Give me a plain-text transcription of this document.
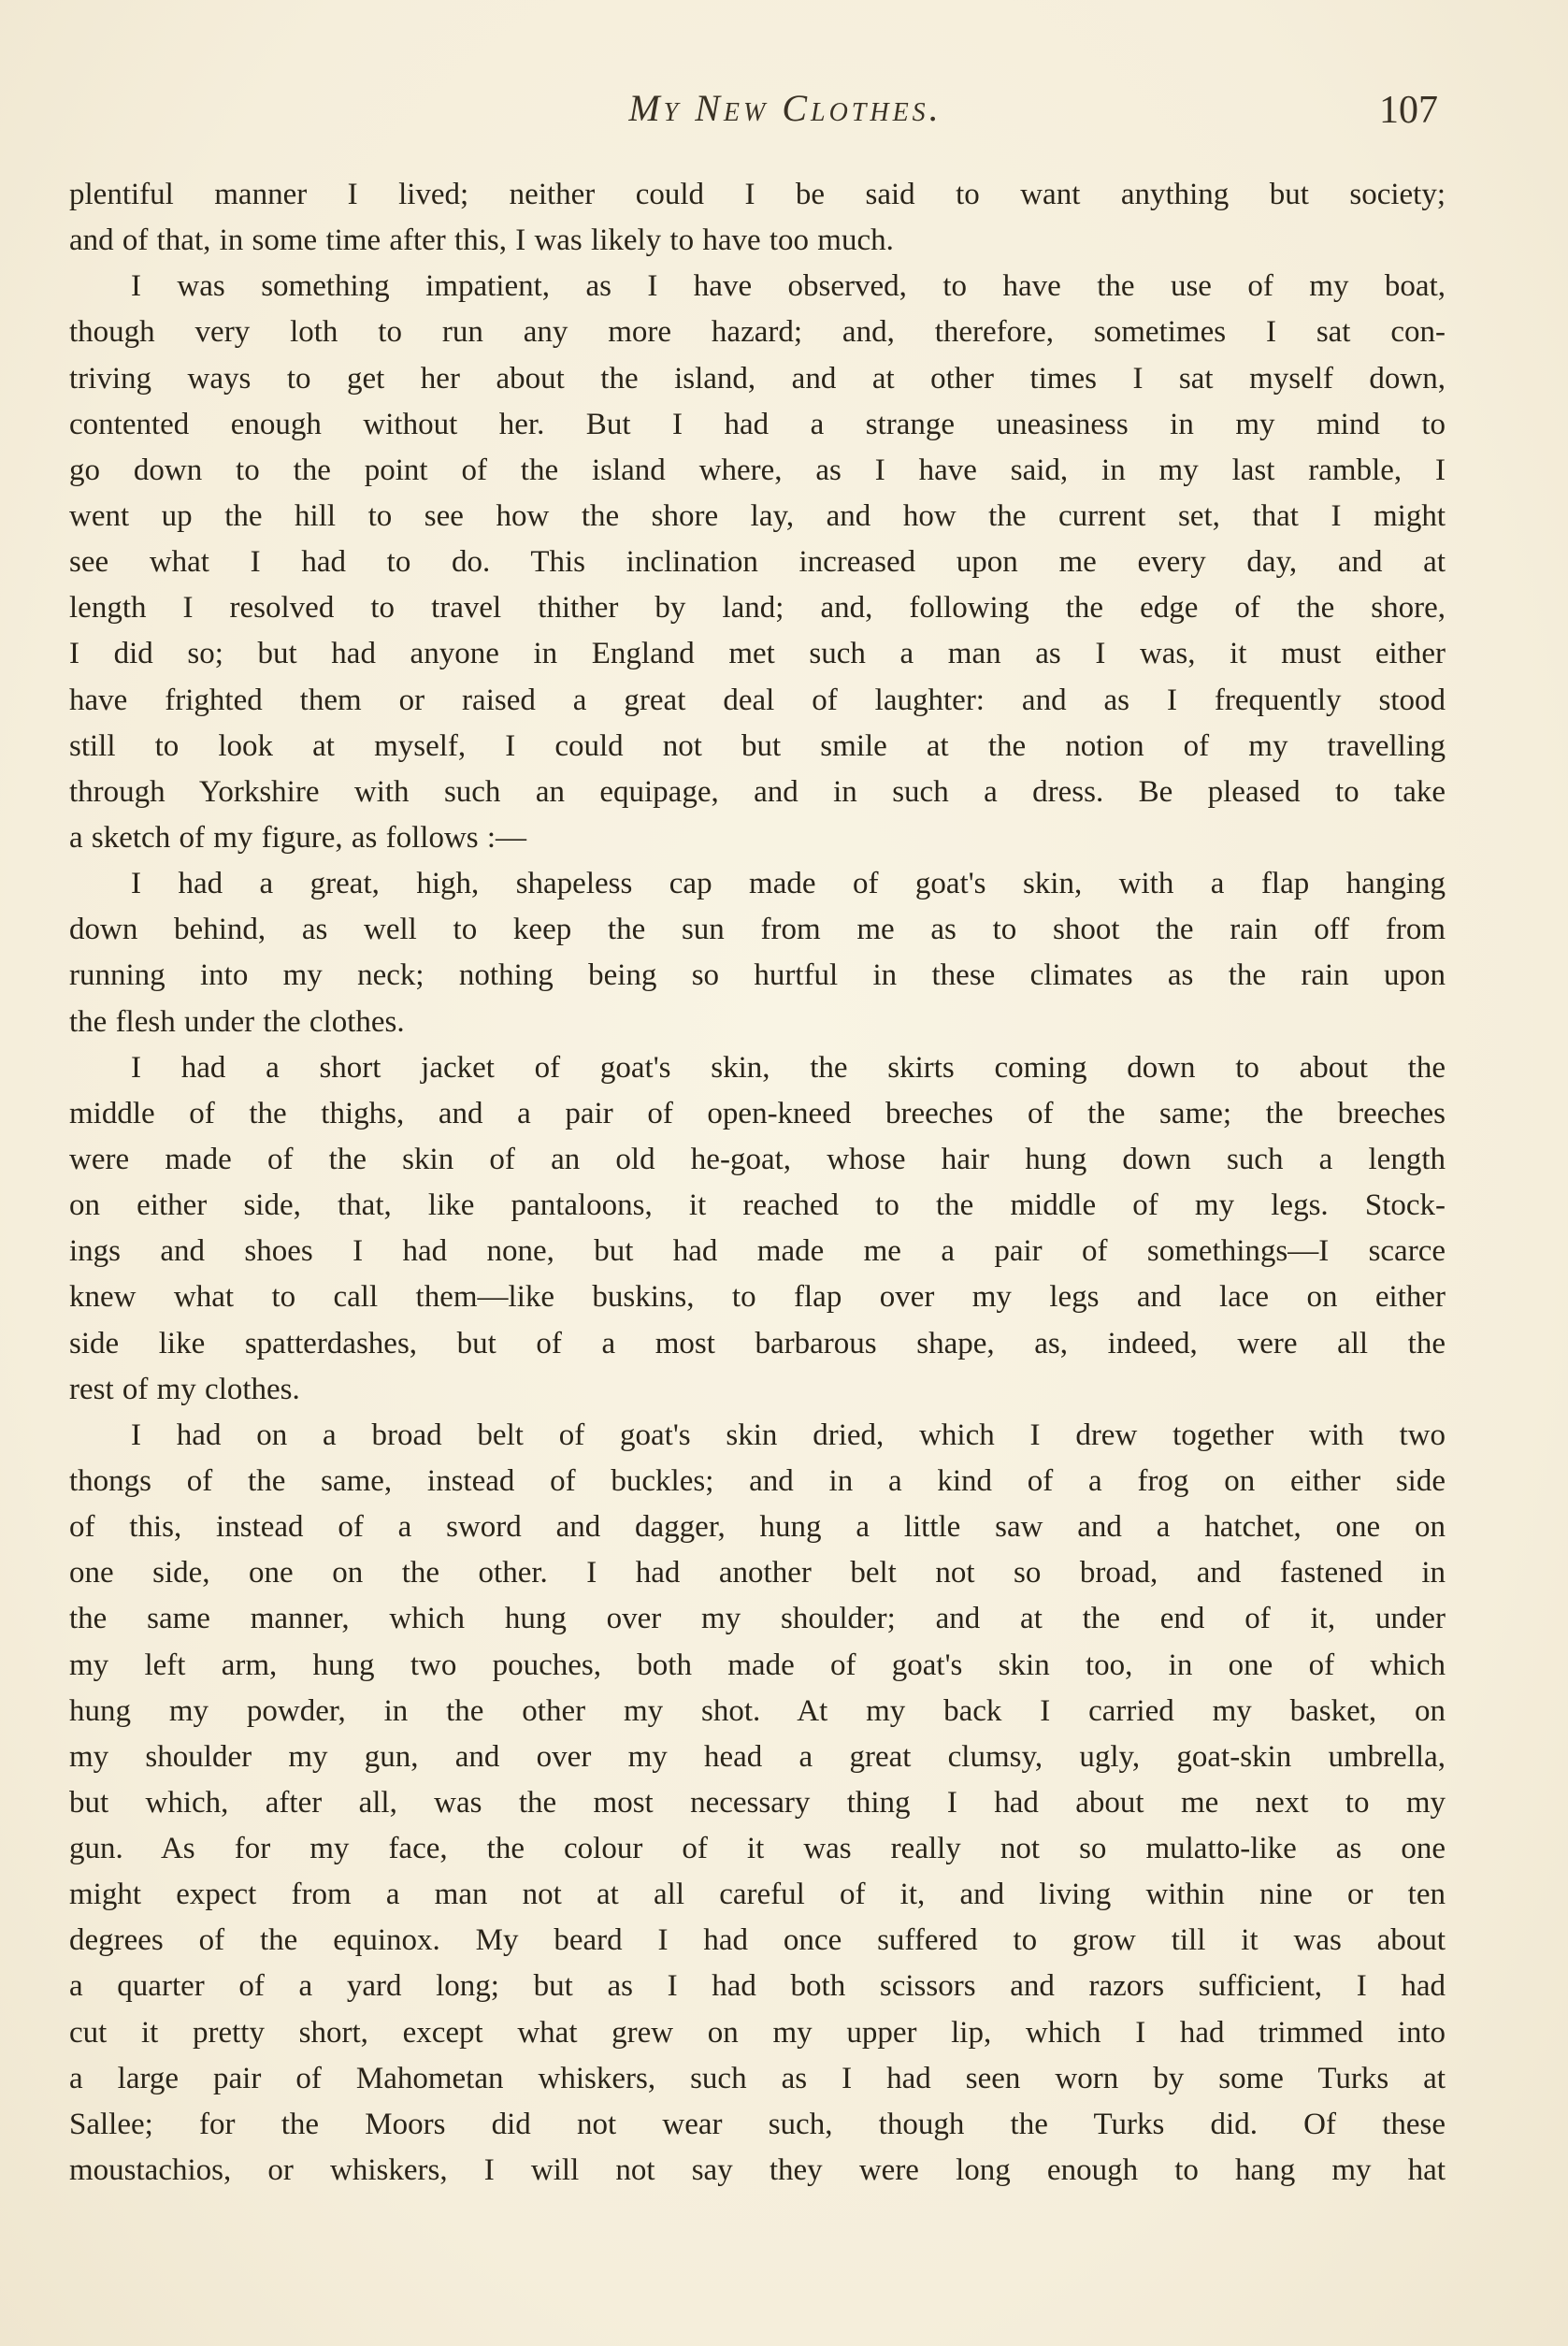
My New Clothes.	107
plentiful manner I lived; neither could I be said to want anything but society;
and of that, in some time after this, I was likely to have too much.
I was something impatient, as I have observed, to have the use of my boat,
though very loth to run any more hazard; and, therefore, sometimes I sat con-
triving ways to get her about the island, and at other times I sat myself down,
contented enough without her. But I had a strange uneasiness in my mind to
go down to the point of the island where, as I have said, in my last ramble, I
went up the hill to see how the shore lay, and how the current set, that I might
see what I had to do. This inclination increased upon me every day, and at
length I resolved to travel thither by land; and, following the edge of the shore,
I did so; but had anyone in England met such a man as I was, it must either
have frighted them or raised a great deal of laughter: and as I frequently stood
still to look at myself, I could not but smile at the notion of my travelling
through Yorkshire with such an equipage, and in such a dress. Be pleased to take
a sketch of my figure, as follows :—
I had a great, high, shapeless cap made of goat's skin, with a flap hanging
down behind, as well to keep the sun from me as to shoot the rain off from
running into my neck; nothing being so hurtful in these climates as the rain upon
the flesh under the clothes.
I had a short jacket of goat's skin, the skirts coming down to about the
middle of the thighs, and a pair of open-kneed breeches of the same; the breeches
were made of the skin of an old he-goat, whose hair hung down such a length
on either side, that, like pantaloons, it reached to the middle of my legs. Stock-
ings and shoes I had none, but had made me a pair of somethings—I scarce
knew what to call them—like buskins, to flap over my legs and lace on either
side like spatterdashes, but of a most barbarous shape, as, indeed, were all the
rest of my clothes.
I had on a broad belt of goat's skin dried, which I drew together with two
thongs of the same, instead of buckles; and in a kind of a frog on either side
of this, instead of a sword and dagger, hung a little saw and a hatchet, one on
one side, one on the other. I had another belt not so broad, and fastened in
the same manner, which hung over my shoulder; and at the end of it, under
my left arm, hung two pouches, both made of goat's skin too, in one of which
hung my powder, in the other my shot. At my back I carried my basket, on
my shoulder my gun, and over my head a great clumsy, ugly, goat-skin umbrella,
but which, after all, was the most necessary thing I had about me next to my
gun. As for my face, the colour of it was really not so mulatto-like as one
might expect from a man not at all careful of it, and living within nine or ten
degrees of the equinox. My beard I had once suffered to grow till it was about
a quarter of a yard long; but as I had both scissors and razors sufficient, I had
cut it pretty short, except what grew on my upper lip, which I had trimmed into
a large pair of Mahometan whiskers, such as I had seen worn by some Turks at
Sallee; for the Moors did not wear such, though the Turks did. Of these
moustachios, or whiskers, I will not say they were long enough to hang my hat
